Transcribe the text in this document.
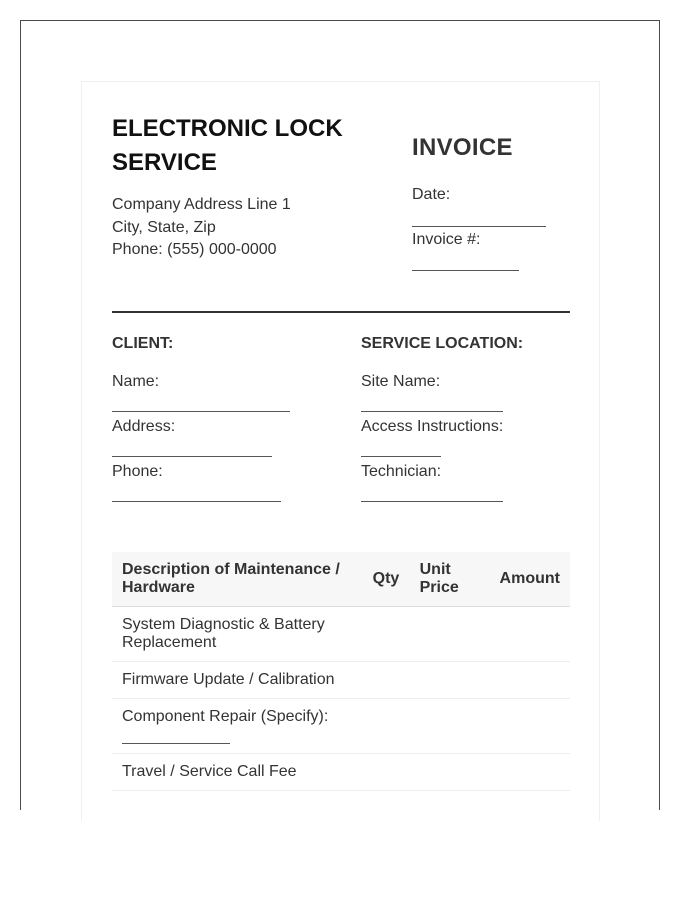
ELECTRONIC LOCK SERVICE
Company Address Line 1
City, State, Zip
Phone: (555) 000-0000
INVOICE
Date:
Invoice #:
CLIENT:
Name:
Address:
Phone:
SERVICE LOCATION:
Site Name:
Access Instructions:
Technician:
Description of Maintenance / Hardware	Qty	Unit Price	Amount
System Diagnostic & Battery Replacement			
Firmware Update / Calibration			
Component Repair (Specify):

Travel / Service Call Fee			
